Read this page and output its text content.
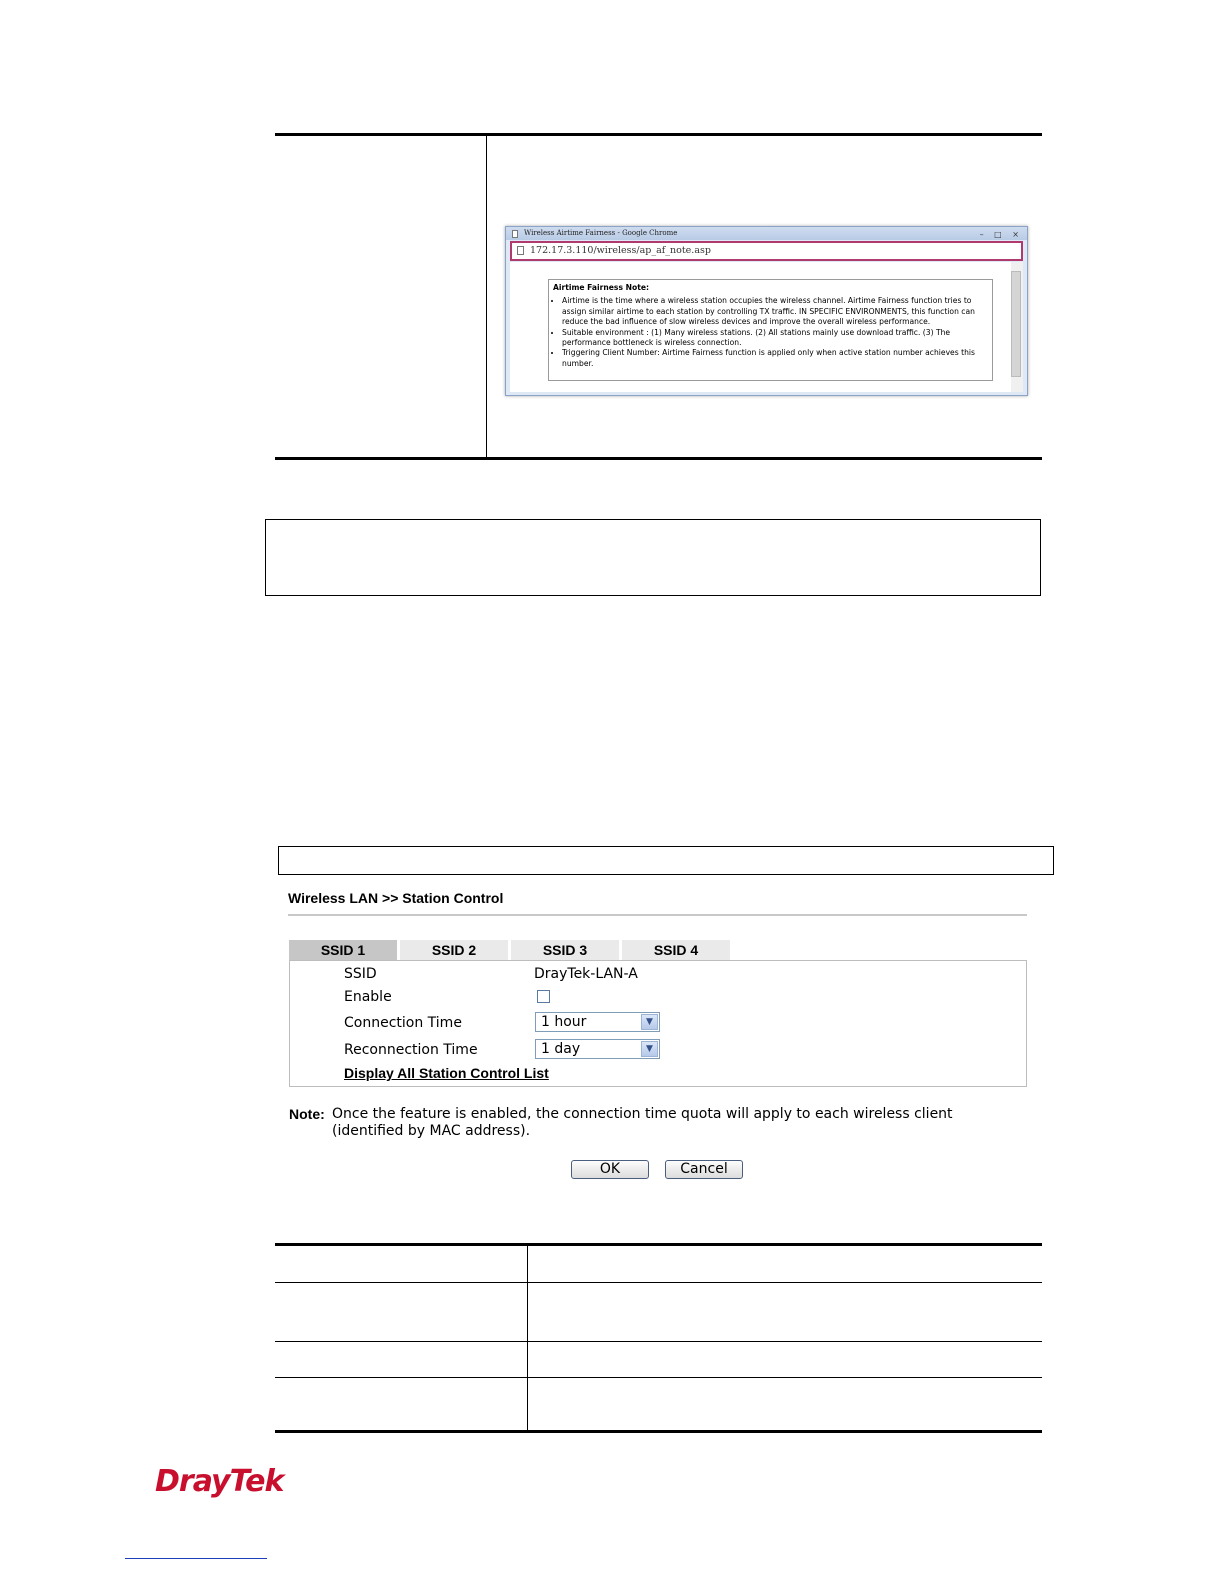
Wireless Airtime Fairness - Google Chrome	– □ ×
172.17.3.110/wireless/ap_af_note.asp
Airtime Fairness Note:
• Airtime is the time where a wireless station occupies the wireless channel. Airtime Fairness function tries to assign similar airtime to each station by controlling TX traffic. IN SPECIFIC ENVIRONMENTS, this function can reduce the bad influence of slow wireless devices and improve the overall wireless performance.
• Suitable environment : (1) Many wireless stations. (2) All stations mainly use download traffic. (3) The performance bottleneck is wireless connection.
• Triggering Client Number: Airtime Fairness function is applied only when active station number achieves this number.
Wireless LAN >> Station Control
SSID 1	SSID 2	SSID 3	SSID 4
SSID	DrayTek-LAN-A
Enable
Connection Time	1 hour	▼
Reconnection Time	1 day	▼
Display All Station Control List
Note: Once the feature is enabled, the connection time quota will apply to each wireless client (identified by MAC address).
OK	Cancel
DrayTek
